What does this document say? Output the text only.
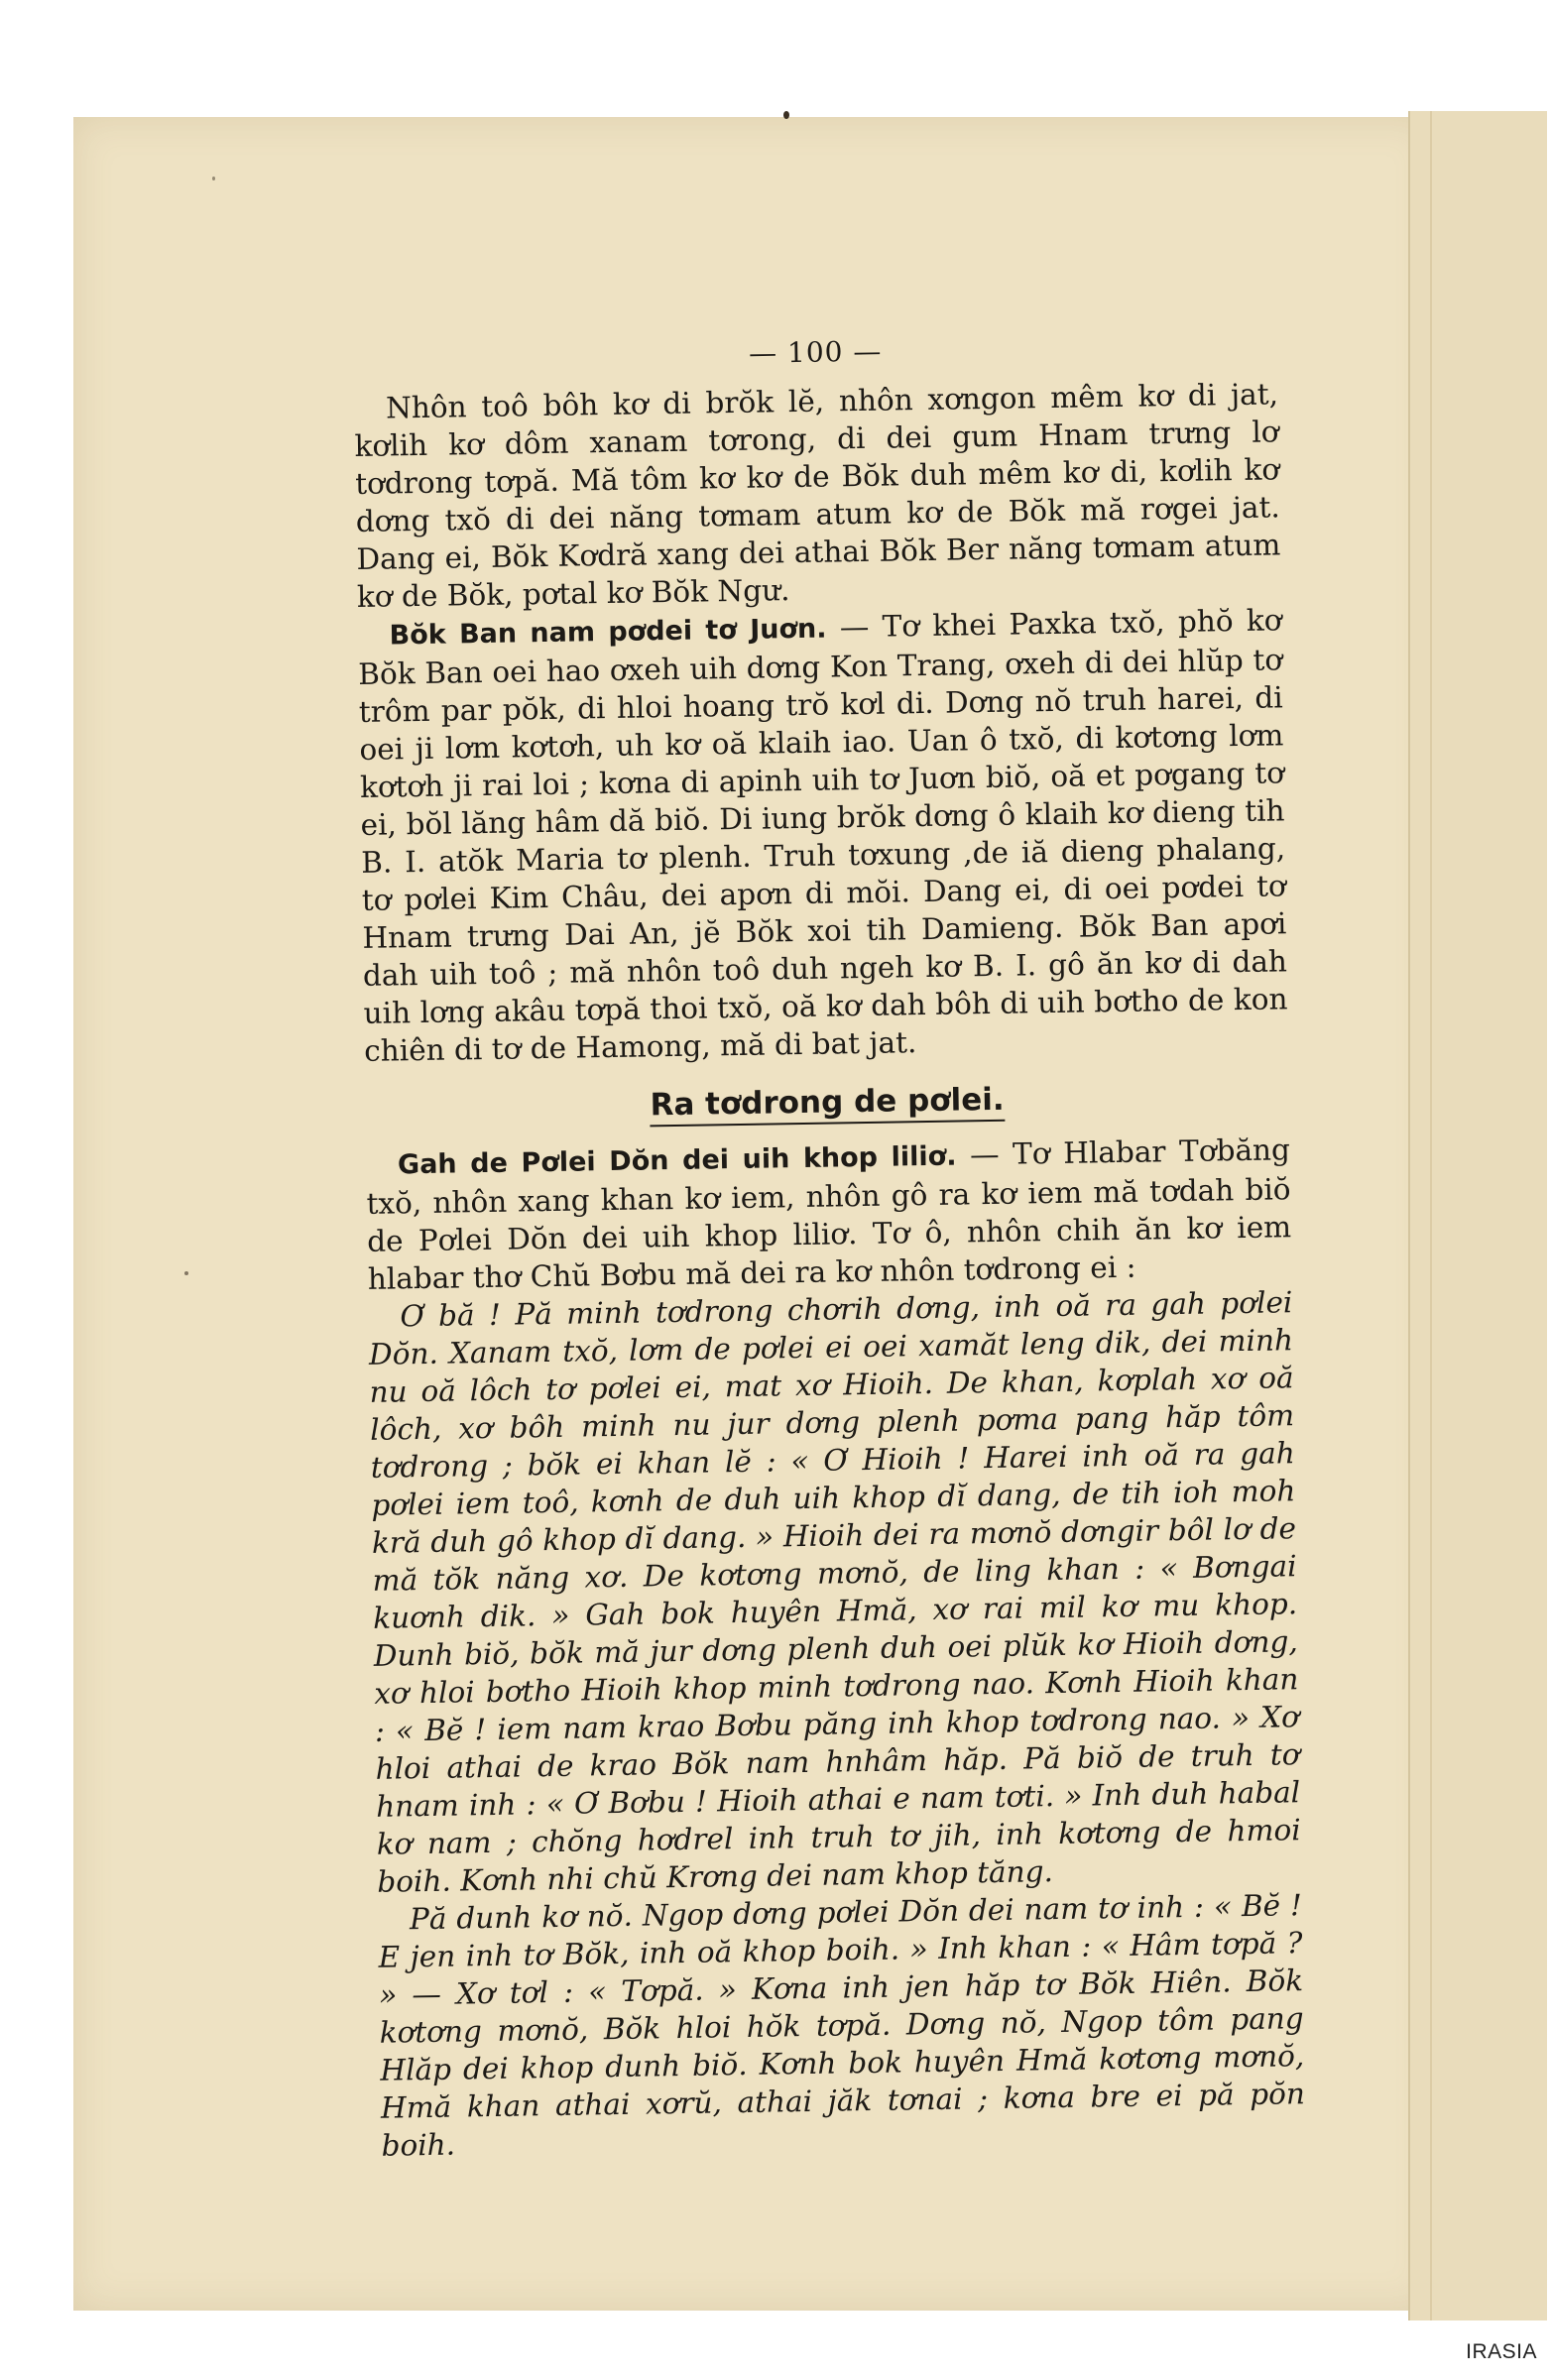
— 100 —

Nhôn toô bôh kơ di brŏk lĕ, nhôn xơngon mêm kơ di jat, kơlih kơ dôm xanam tơrong, di dei gum Hnam trưng lơ tơdrong tơpă. Mă tôm kơ kơ de Bŏk duh mêm kơ di, kơlih kơ dơng txŏ di dei năng tơmam atum kơ de Bŏk mă rơgei jat. Dang ei, Bŏk Kơdră xang dei athai Bŏk Ber năng tơmam atum kơ de Bŏk, pơtal kơ Bŏk Ngư.

Bŏk Ban nam pơdei tơ Juơn. — Tơ khei Paxka txŏ, phŏ kơ Bŏk Ban oei hao ơxeh uih dơng Kon Trang, ơxeh di dei hlŭp tơ trôm par pŏk, di hloi hoang trŏ kơl di. Dơng nŏ truh harei, di oei ji lơm kơtơh, uh kơ oă klaih iao. Uan ô txŏ, di kơtơng lơm kơtơh ji rai loi ; kơna di apinh uih tơ Juơn biŏ, oă et pơgang tơ ei, bŏl lăng hâm dă biŏ. Di iung brŏk dơng ô klaih kơ dieng tih B. I. atŏk Maria tơ plenh. Truh tơxung ,de iă dieng phalang, tơ pơlei Kim Châu, dei apơn di mŏi. Dang ei, di oei pơdei tơ Hnam trưng Dai An, jĕ Bŏk xoi tih Damieng. Bŏk Ban apơi dah uih toô ; mă nhôn toô duh ngeh kơ B. I. gô ăn kơ di dah uih lơng akâu tơpă thoi txŏ, oă kơ dah bôh di uih bơtho de kon chiên di tơ de Hamong, mă di bat jat.

Ra tơdrong de pơlei.

Gah de Pơlei Dŏn dei uih khop liliơ. — Tơ Hlabar Tơbăng txŏ, nhôn xang khan kơ iem, nhôn gô ra kơ iem mă tơdah biŏ de Pơlei Dŏn dei uih khop liliơ. Tơ ô, nhôn chih ăn kơ iem hlabar thơ Chŭ Bơbu mă dei ra kơ nhôn tơdrong ei :

Ơ bă ! Pă minh tơdrong chơrih dơng, inh oă ra gah pơlei Dŏn. Xanam txŏ, lơm de pơlei ei oei xamăt leng dik, dei minh nu oă lôch tơ pơlei ei, mat xơ Hioih. De khan, kơplah xơ oă lôch, xơ bôh minh nu jur dơng plenh pơma pang hăp tôm tơdrong ; bŏk ei khan lĕ : « Ơ Hioih ! Harei inh oă ra gah pơlei iem toô, kơnh de duh uih khop dĭ dang, de tih ioh moh kră duh gô khop dĭ dang. » Hioih dei ra mơnŏ dơngir bôl lơ de mă tŏk năng xơ. De kơtơng mơnŏ, de ling khan : « Bơngai kuơnh dik. » Gah bok huyên Hmă, xơ rai mil kơ mu khop. Dunh biŏ, bŏk mă jur dơng plenh duh oei plŭk kơ Hioih dơng, xơ hloi bơtho Hioih khop minh tơdrong nao. Kơnh Hioih khan : « Bĕ ! iem nam krao Bơbu păng inh khop tơdrong nao. » Xơ hloi athai de krao Bŏk nam hnhâm hăp. Pă biŏ de truh tơ hnam inh : « Ơ Bơbu ! Hioih athai e nam tơti. » Inh duh habal kơ nam ; chŏng hơdrel inh truh tơ jih, inh kơtơng de hmoi boih. Kơnh nhi chŭ Krơng dei nam khop tăng.

Pă dunh kơ nŏ. Ngop dơng pơlei Dŏn dei nam tơ inh : « Bĕ ! E jen inh tơ Bŏk, inh oă khop boih. » Inh khan : « Hâm tơpă ? » — Xơ tơl : « Tơpă. » Kơna inh jen hăp tơ Bŏk Hiên. Bŏk kơtơng mơnŏ, Bŏk hloi hŏk tơpă. Dơng nŏ, Ngop tôm pang Hlăp dei khop dunh biŏ. Kơnh bok huyên Hmă kơtơng mơnŏ, Hmă khan athai xơrŭ, athai jăk tơnai ; kơna bre ei pă pŏn boih.

IRASIA
